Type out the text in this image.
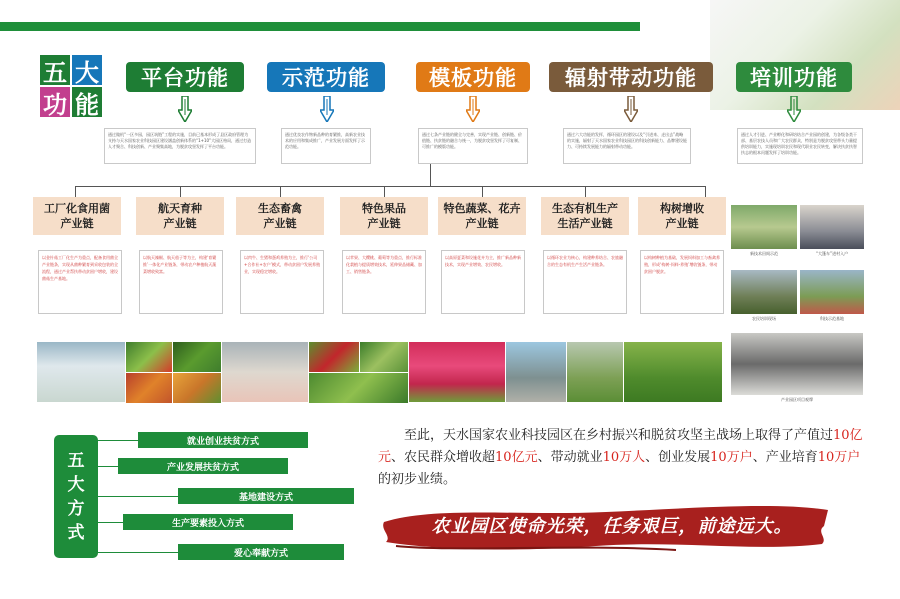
五 大
功 能
平台功能	示范功能	模板功能	辐射带动功能	培训功能
通过做机“一区多园，园区筑链”工程的实施，目前已基本形成了县区政府管理为支持与天水国家农业科技园区建设涵盖创新体系的“1+10”大园区格局，通过打造人才聚合、科技创新、产业聚集高地，为脱贫攻坚发挥了平台功能。
通过优良农作物新品种的育繁推，高新农业技术的应用和集成推广，产业发展方面发挥了示范功能。
通过七条产业链的健全与完善，实现产业链、创新链、价值链、扶贫链的融合与统一，为脱贫攻坚发挥了可复制、可推广的模版功能。
通过六大功能的发挥，循环园区的建设以及“引进来、走出去”战略的实施，辐射了天水国家农业科技园区的科技创新能力、品牌建设能力、可持续发展能力的辐射带动功能。
通过人才引进、产业孵化和研培结合产业园的创建，为各级各类干部、基层农技人员和广大农民群众，特别是为脱贫攻坚带头力量提供培训能力，实施现培训农民和现代职业农民转变，解决扶贫扶智扶志的根本问题发挥了培训功能。
工厂化食用菌
产业链
航天育种
产业链
生态畜禽
产业链
特色果品
产业链
特色蔬菜、花卉
产业链
生态有机生产
生活产业链
构树增收
产业链
以金针菇工厂化生产为重点，配备食用菌全产业链条，实现从菌种繁育到采收包装的全流程，通过产业帮扶带动贫困户增收，建设菌菇生产基地。
以航天辣椒、航天茄子等为主，构建‘育繁推’一体化产业链条，带动农户种植航天蔬菜增收致富。
以肉牛、生猪和蛋鸡养殖为主，推行‘公司+合作社+农户’模式，带动贫困户发展养殖业，实现稳定增收。
以苹果、大樱桃、葡萄等为重点，推行标准化栽植与提质增效技术，延伸果品储藏、加工、销售链条。
以高原夏菜和设施花卉为主，推广新品种新技术，实现产业增效、农民增收。
以循环农业为核心，构建种养结合、农旅融合的生态有机生产生活产业链条。
以构树种植为基础，发展饲料加工与畜禽养殖，形成‘构树-饲料-养殖’增收链条，带动贫困户脱贫。
新技术田间示范	“大篷车”进村入户
农民培训现场	科技示范基地
产业园区项目观摩
五
大
方
式
就业创业扶贫方式
产业发展扶贫方式
基地建设方式
生产要素投入方式
爱心奉献方式
至此，天水国家农业科技园区在乡村振兴和脱贫攻坚主战场上取得了产值过10亿元、农民群众增收超10亿元、带动就业10万人、创业发展10万户、产业培育10万户的初步业绩。
农业园区使命光荣，任务艰巨，前途远大。
